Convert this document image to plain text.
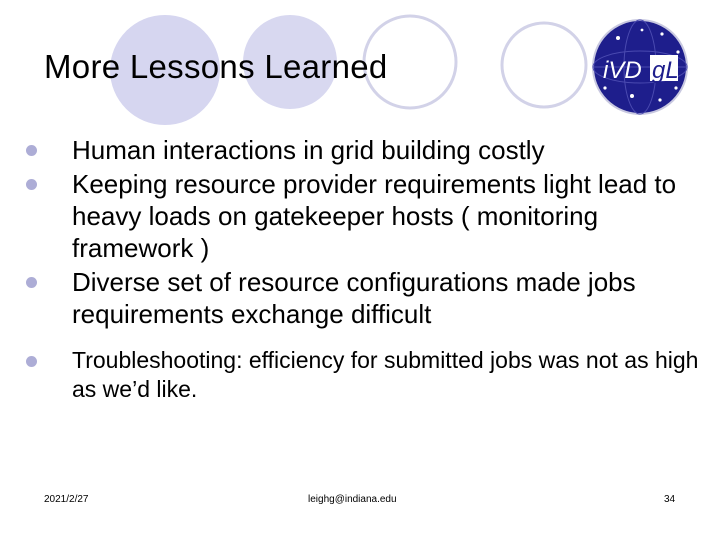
iVD gL
More Lessons Learned
Human interactions in grid building costly
Keeping resource provider requirements light lead to heavy loads on gatekeeper hosts ( monitoring framework )
Diverse set of resource configurations made jobs requirements exchange difficult
Troubleshooting: efficiency for submitted jobs was not as high as we’d like.
2021/2/27	leighg@indiana.edu	34
